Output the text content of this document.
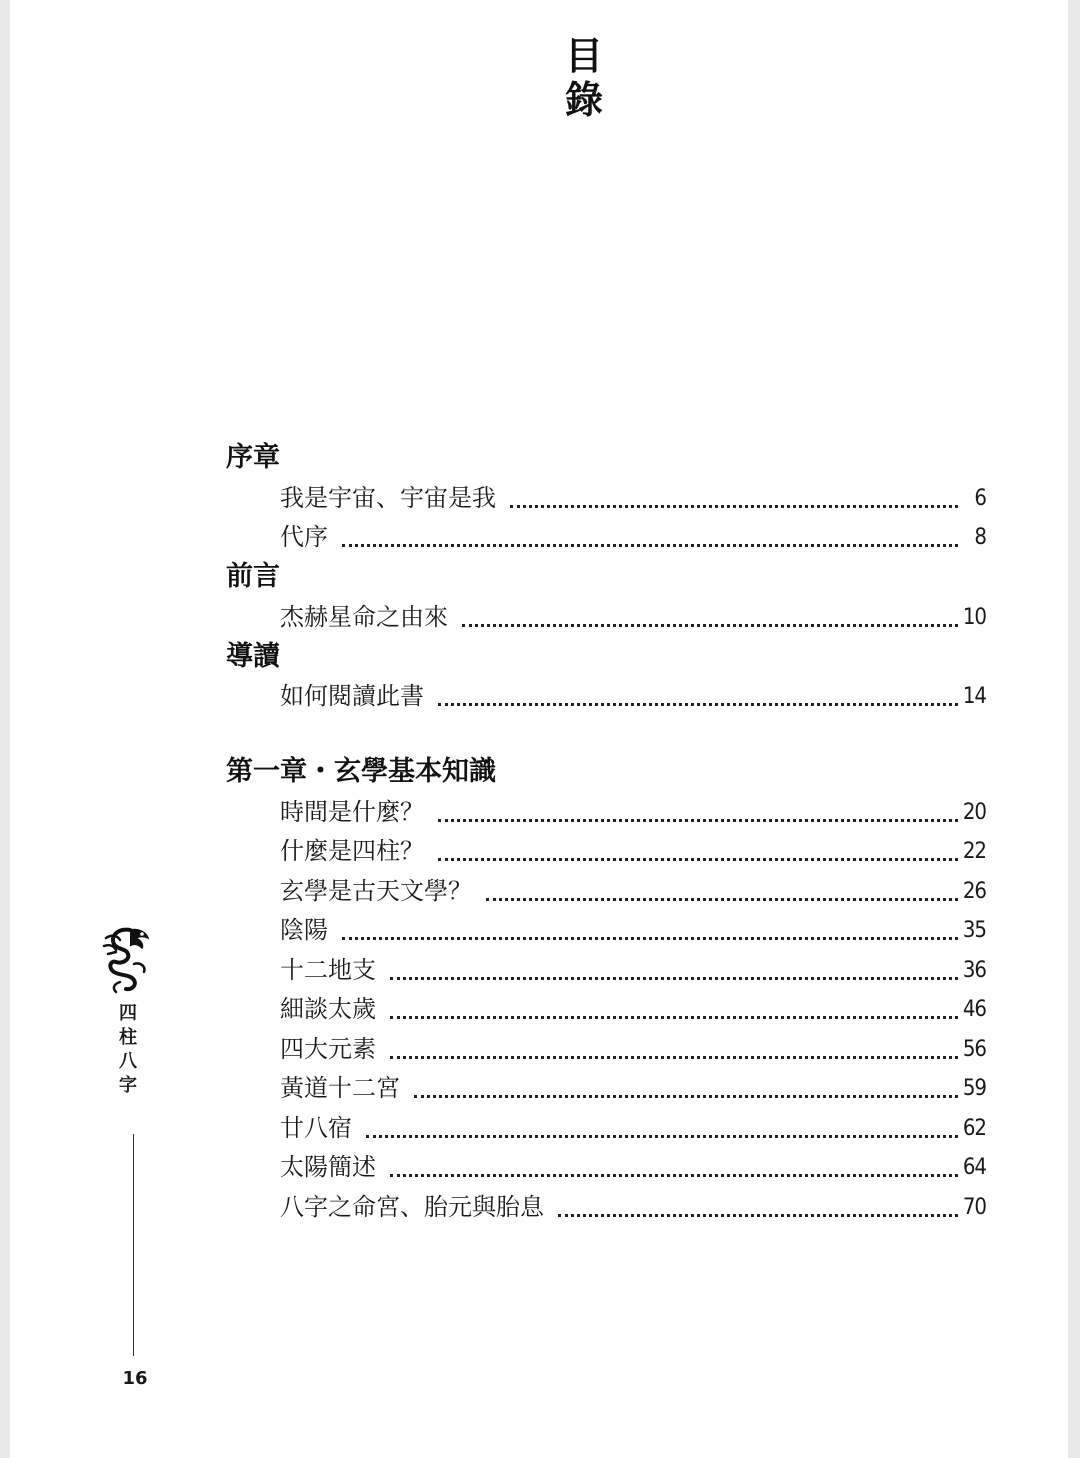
目
錄
序章
我是宇宙、宇宙是我	6
代序	8
前言
杰赫星命之由來	10
導讀
如何閱讀此書	14
第一章・玄學基本知識
時間是什麼？	20
什麼是四柱？	22
玄學是古天文學？	26
陰陽	35
十二地支	36
細談太歲	46
四大元素	56
黃道十二宮	59
廿八宿	62
太陽簡述	64
八字之命宮、胎元與胎息	70
四
柱
八
字
16
